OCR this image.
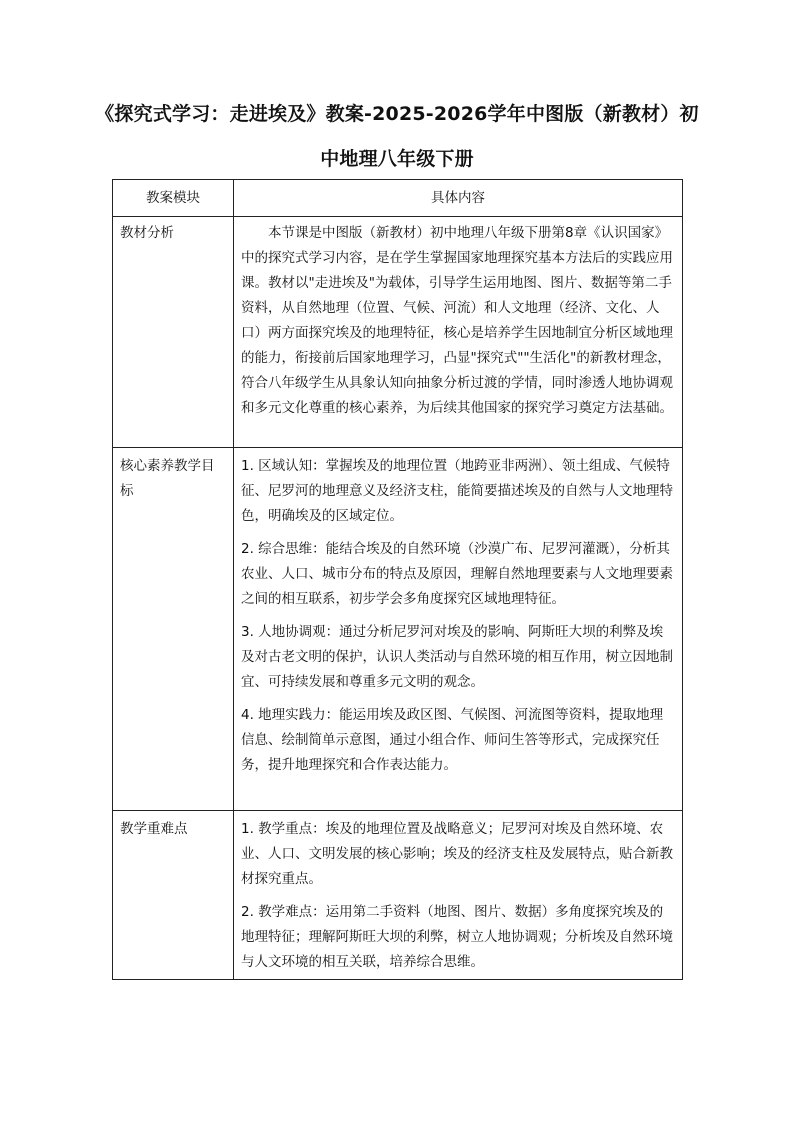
《探究式学习：走进埃及》教案-2025-2026学年中图版（新教材）初中地理八年级下册
教案模块	具体内容
教材分析	本节课是中图版（新教材）初中地理八年级下册第8章《认识国家》中的探究式学习内容，是在学生掌握国家地理探究基本方法后的实践应用课。教材以"走进埃及"为载体，引导学生运用地图、图片、数据等第二手资料，从自然地理（位置、气候、河流）和人文地理（经济、文化、人口）两方面探究埃及的地理特征，核心是培养学生因地制宜分析区域地理的能力，衔接前后国家地理学习，凸显"探究式""生活化"的新教材理念，符合八年级学生从具象认知向抽象分析过渡的学情，同时渗透人地协调观和多元文化尊重的核心素养，为后续其他国家的探究学习奠定方法基础。

核心素养教学目标	1. 区域认知：掌握埃及的地理位置（地跨亚非两洲）、领土组成、气候特征、尼罗河的地理意义及经济支柱，能简要描述埃及的自然与人文地理特色，明确埃及的区域定位。

2. 综合思维：能结合埃及的自然环境（沙漠广布、尼罗河灌溉），分析其农业、人口、城市分布的特点及原因，理解自然地理要素与人文地理要素之间的相互联系，初步学会多角度探究区域地理特征。

3. 人地协调观：通过分析尼罗河对埃及的影响、阿斯旺大坝的利弊及埃及对古老文明的保护，认识人类活动与自然环境的相互作用，树立因地制宜、可持续发展和尊重多元文明的观念。

4. 地理实践力：能运用埃及政区图、气候图、河流图等资料，提取地理信息、绘制简单示意图，通过小组合作、师问生答等形式，完成探究任务，提升地理探究和合作表达能力。

教学重难点	1. 教学重点：埃及的地理位置及战略意义；尼罗河对埃及自然环境、农业、人口、文明发展的核心影响；埃及的经济支柱及发展特点，贴合新教材探究重点。

2. 教学难点：运用第二手资料（地图、图片、数据）多角度探究埃及的地理特征；理解阿斯旺大坝的利弊，树立人地协调观；分析埃及自然环境与人文环境的相互关联，培养综合思维。
